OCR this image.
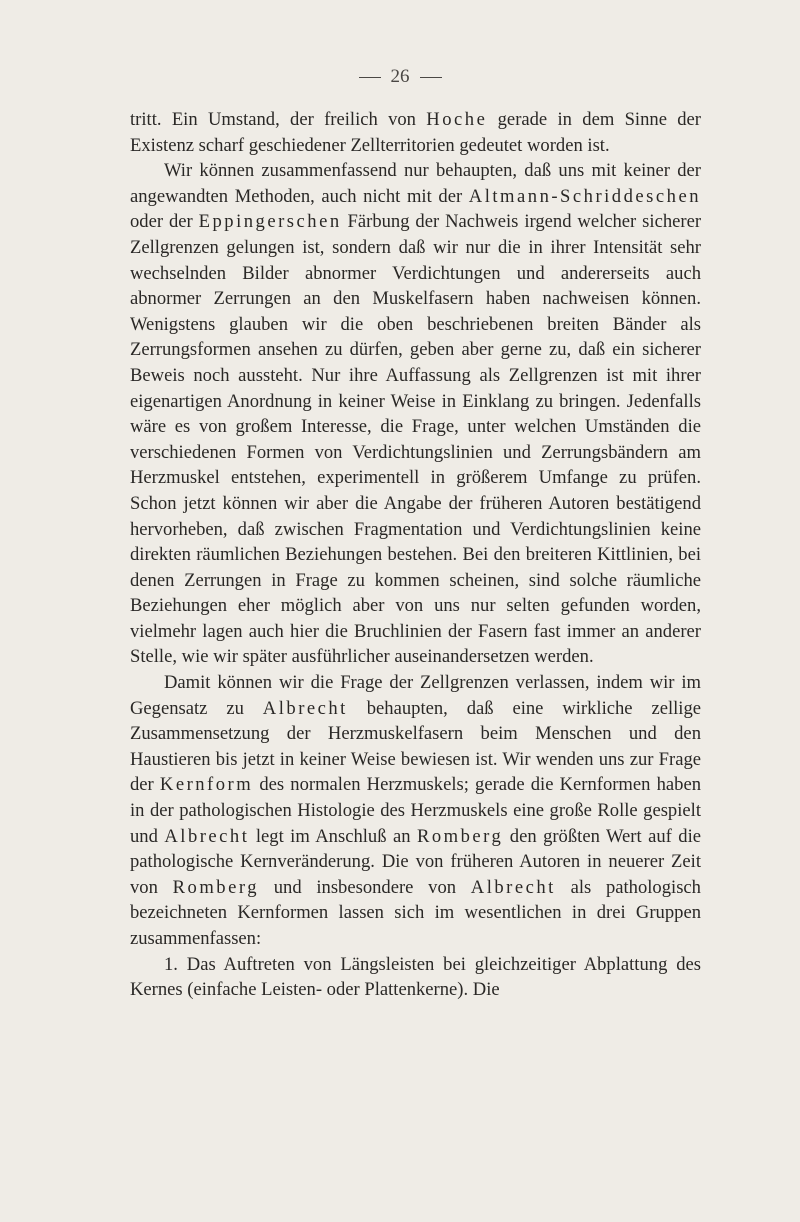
26

tritt. Ein Umstand, der freilich von Hoche gerade in dem Sinne der Existenz scharf geschiedener Zellterritorien gedeutet worden ist.

Wir können zusammenfassend nur behaupten, daß uns mit keiner der angewandten Methoden, auch nicht mit der Altmann-Schriddeschen oder der Eppingerschen Färbung der Nachweis irgend welcher sicherer Zellgrenzen gelungen ist, sondern daß wir nur die in ihrer Intensität sehr wechselnden Bilder abnormer Verdichtungen und andererseits auch abnormer Zerrungen an den Muskelfasern haben nachweisen können. Wenigstens glauben wir die oben beschriebenen breiten Bänder als Zerrungsformen ansehen zu dürfen, geben aber gerne zu, daß ein sicherer Beweis noch aussteht. Nur ihre Auffassung als Zellgrenzen ist mit ihrer eigenartigen Anordnung in keiner Weise in Einklang zu bringen. Jedenfalls wäre es von großem Interesse, die Frage, unter welchen Umständen die verschiedenen Formen von Verdichtungslinien und Zerrungsbändern am Herzmuskel entstehen, experimentell in größerem Umfange zu prüfen. Schon jetzt können wir aber die Angabe der früheren Autoren bestätigend hervorheben, daß zwischen Fragmentation und Verdichtungslinien keine direkten räumlichen Beziehungen bestehen. Bei den breiteren Kittlinien, bei denen Zerrungen in Frage zu kommen scheinen, sind solche räumliche Beziehungen eher möglich aber von uns nur selten gefunden worden, vielmehr lagen auch hier die Bruchlinien der Fasern fast immer an anderer Stelle, wie wir später ausführlicher auseinandersetzen werden.

Damit können wir die Frage der Zellgrenzen verlassen, indem wir im Gegensatz zu Albrecht behaupten, daß eine wirkliche zellige Zusammensetzung der Herzmuskelfasern beim Menschen und den Haustieren bis jetzt in keiner Weise bewiesen ist. Wir wenden uns zur Frage der Kernform des normalen Herzmuskels; gerade die Kernformen haben in der pathologischen Histologie des Herzmuskels eine große Rolle gespielt und Albrecht legt im Anschluß an Romberg den größten Wert auf die pathologische Kernveränderung. Die von früheren Autoren in neuerer Zeit von Romberg und insbesondere von Albrecht als pathologisch bezeichneten Kernformen lassen sich im wesentlichen in drei Gruppen zusammenfassen:

1. Das Auftreten von Längsleisten bei gleichzeitiger Abplattung des Kernes (einfache Leisten- oder Plattenkerne). Die
